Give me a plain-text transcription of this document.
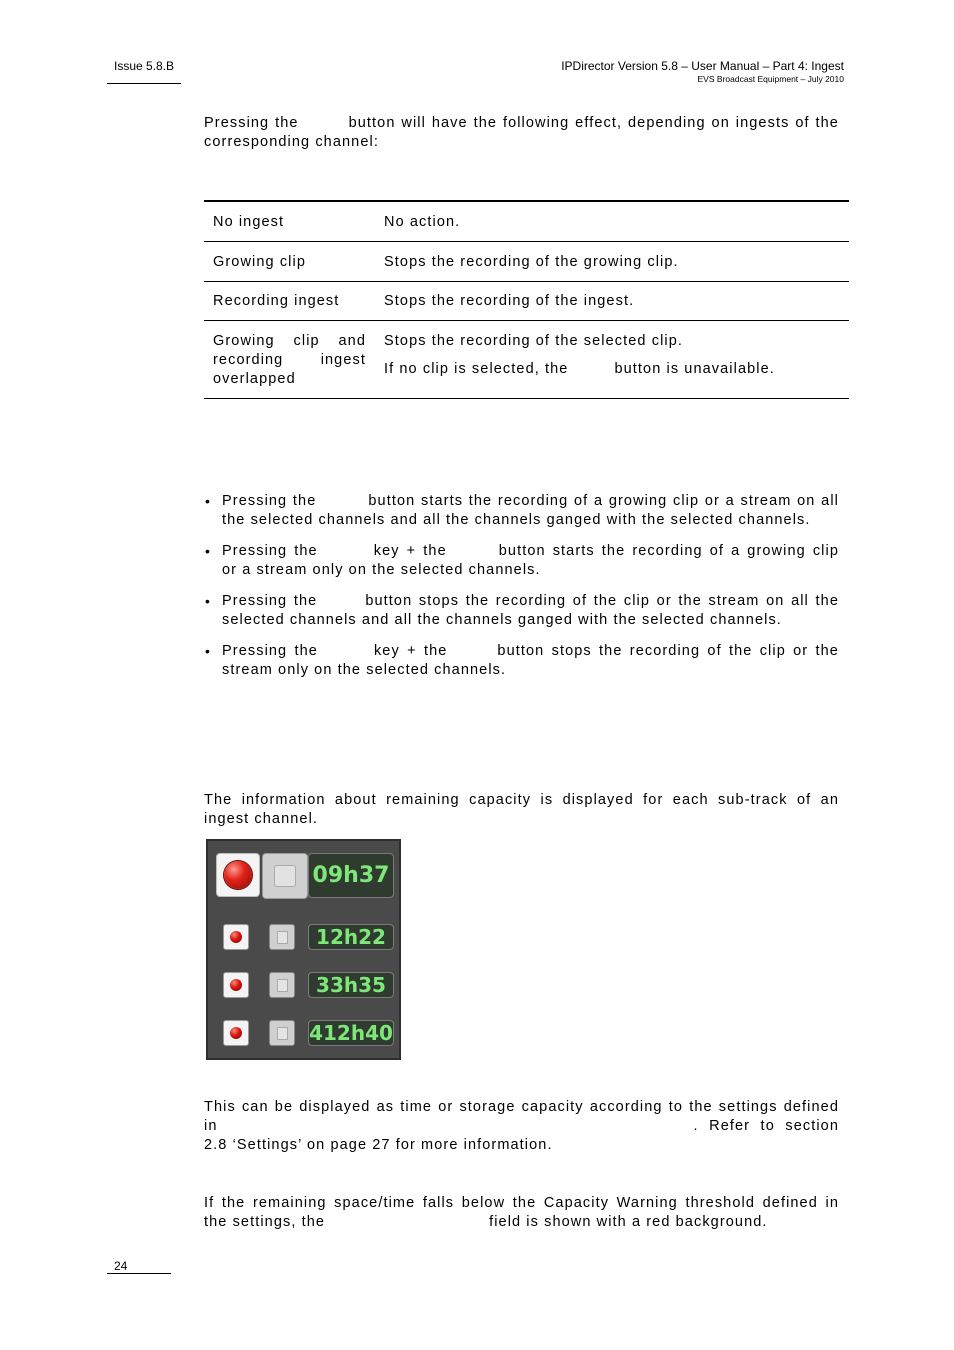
Issue 5.8.B	IPDirector Version 5.8 – User Manual – Part 4: Ingest
EVS Broadcast Equipment – July 2010
Pressing the	button will have the following effect, depending on ingests of the corresponding channel:
No ingest	No action.
Growing clip	Stops the recording of the growing clip.
Recording ingest	Stops the recording of the ingest.
Growing clip and recording ingest overlapped	Stops the recording of the selected clip.
If no clip is selected, the button is unavailable.
• Pressing the	button starts the recording of a growing clip or a stream on all the selected channels and all the channels ganged with the selected channels.
• Pressing the	key + the	button starts the recording of a growing clip or a stream only on the selected channels.
• Pressing the	button stops the recording of the clip or the stream on all the selected channels and all the channels ganged with the selected channels.
• Pressing the	key + the	button stops the recording of the clip or the stream only on the selected channels.
The information about remaining capacity is displayed for each sub-track of an ingest channel.
09h37
12h22
33h35
412h40
This can be displayed as time or storage capacity according to the settings defined in	. Refer to section 2.8 ‘Settings’ on page 27 for more information.
If the remaining space/time falls below the Capacity Warning threshold defined in the settings, the	field is shown with a red background.
24
